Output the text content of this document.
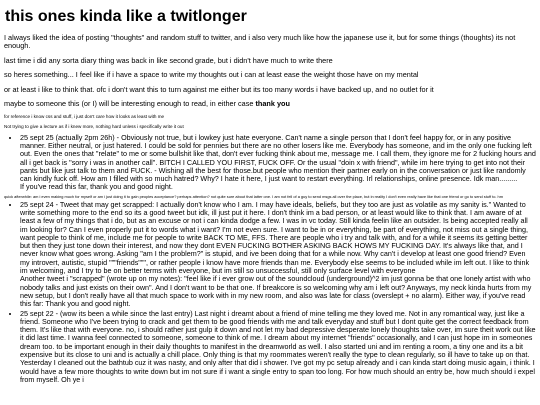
this ones kinda like a twitlonger

I always liked the idea of posting "thoughts" and random stuff to twitter, and i also very much like how the japanese use it, but for some things (thoughts) its not enough.

last time i did any sorta diary thing was back in like second grade, but i didn't have much to write there

so heres something... I feel like if i have a space to write my thoughts out i can at least ease the weight those have on my mental

or at least i like to think that. ofc i don't want this to turn against me either but its too many words i have backed up, and no outlet for it

maybe to someone this (or I) will be interesting enough to read, in either case thank you

for reference i know css and stuff, i just don't care how it looks as least with me

Not trying to give a lecture as if i knew more, nothing hard unless i specifically write it out

• 25 sept 25 (actually 2pm 26h) - Obviously not true, but i lowkey just hate everyone. Can't name a single person that I don't feel happy for, or in any positive manner. Either neutral, or just hatered. I could be sold for pennies but there are no other losers like me. Everybody has someone, and im the only one fucking left out. Even the ones that "relate" to me or some bullshit like that, don't ever fucking think about me, message me. I call them, they ignore me for 2 fucking hours and all i get back is "sorry i was in another call". BITCH I CALLED YOU FIRST, FUCK OFF. Or the usual "doin x with friend", while im here trying to get into not their pants but like just talk to them and FUCK. - Wishing all the best for those.but people who mention their partner early on in the conversation or just like randomly can kindly fuck off. How am I filled with so much hatred? Why? I hate it here, I just want to restart everything. Irl relationships, online presence. Idk man.........
If you've read this far, thank you and good night.
quick afterwhile: am i even making much for myself or am i just doing it to gain peoples acceptance? perhaps attention? not quite sure about that latter one. I am not fell of a guy to send msgs all over the place, but in reality I don't even really have like that one friend or go to send stuff to. hm
• 25 sept 24 - Tweet that may get scrapped: I actually don't know who I am. I may have ideals, beliefs, but they too are just as volatile as my sanity is." Wanted to write something more to the end so its a good tweet but idk, ill just put it here. I don't think im a bad person, or at least would like to think that. I am aware of at least a few of my things that i do, but as an excuse or not i can kinda dodge a few. I was in vc today. Still kinda feelin like an outsider. Is being accepted really all im looking for? Can I even properly put it to words what i want? I'm not even sure. I want to be in or everything, be part of everything, not miss out a single thing, want people to think of me, include me for people to write BACK TO ME, FFS. There are people who i try and talk with, and for a while it seems its getting better but then they just tone down their interest, and now they dont EVEN FUCKING BOTHER ASKING BACK HOWS MY FUCKING DAY. It's always like that, and I never know what goes wrong. Asking "am I the problem?" is stupid, and ive been doing that for a while now. Why can't i develop at least one good friend? Even my introvert, autistic, stupid """friends""", or rather people i know have more friends than me. Everybody else seems to be included while im left out. I like to think im welcoming, and I try to be on better terms with everyone, but im still so unsuccessful, still only surface level with everyone
Another tweet i "scrapped" (wrote up on my notes): "feel like if i ever grow out of the soundcloud (underground)^2 im just gonna be that one lonely artist with who nobody talks and just exists on their own". And I don't want to be that one. If breakcore is so welcoming why am i left out? Anyways, my neck kinda hurts from my new setup, but I don't really have all that much space to work with in my new room, and also was late for class (overslept + no alarm). Either way, if you've read this far: Thank you and good night.
• 25 sept 22 - (wow its been a while since the last entry) Last night i dreamt about a friend of mine telling me they loved me. Not in any romantical way, just like a friend. Someone who I've been trying to crack and get them to be good friends with me and talk everyday and stuff but I dont quite get the correct feedback from them. It's like that with everyone. no, i should rather just gulp it down and not let my bad depressive desperate lonely thoughts take over, im sure theit work out like it did last time. I wanna feel connected to someone, someone to think of me. I dream about my internet "friends" occasionally, and I can just hope im in someones dream too. to be important enough in their daily thoughts to manifest in the dreamworld as well. I also started uni and im renting a room, a tiny one and its a bit expensive but its close to uni and is actually a chill place. Only thing is that my roommates weren't really the type to clean regularly, so ill have to take up on that. Yesterday I cleaned out the bathtub cuz it was nasty, and only after that did i shower. I've got my pc setup already and i can kinda start doing music again, i think. I would have a few more thoughts to write down but im not sure if i want a single entry to span too long. For how much should an entry be, how much should i expel from myself. Oh ye i
